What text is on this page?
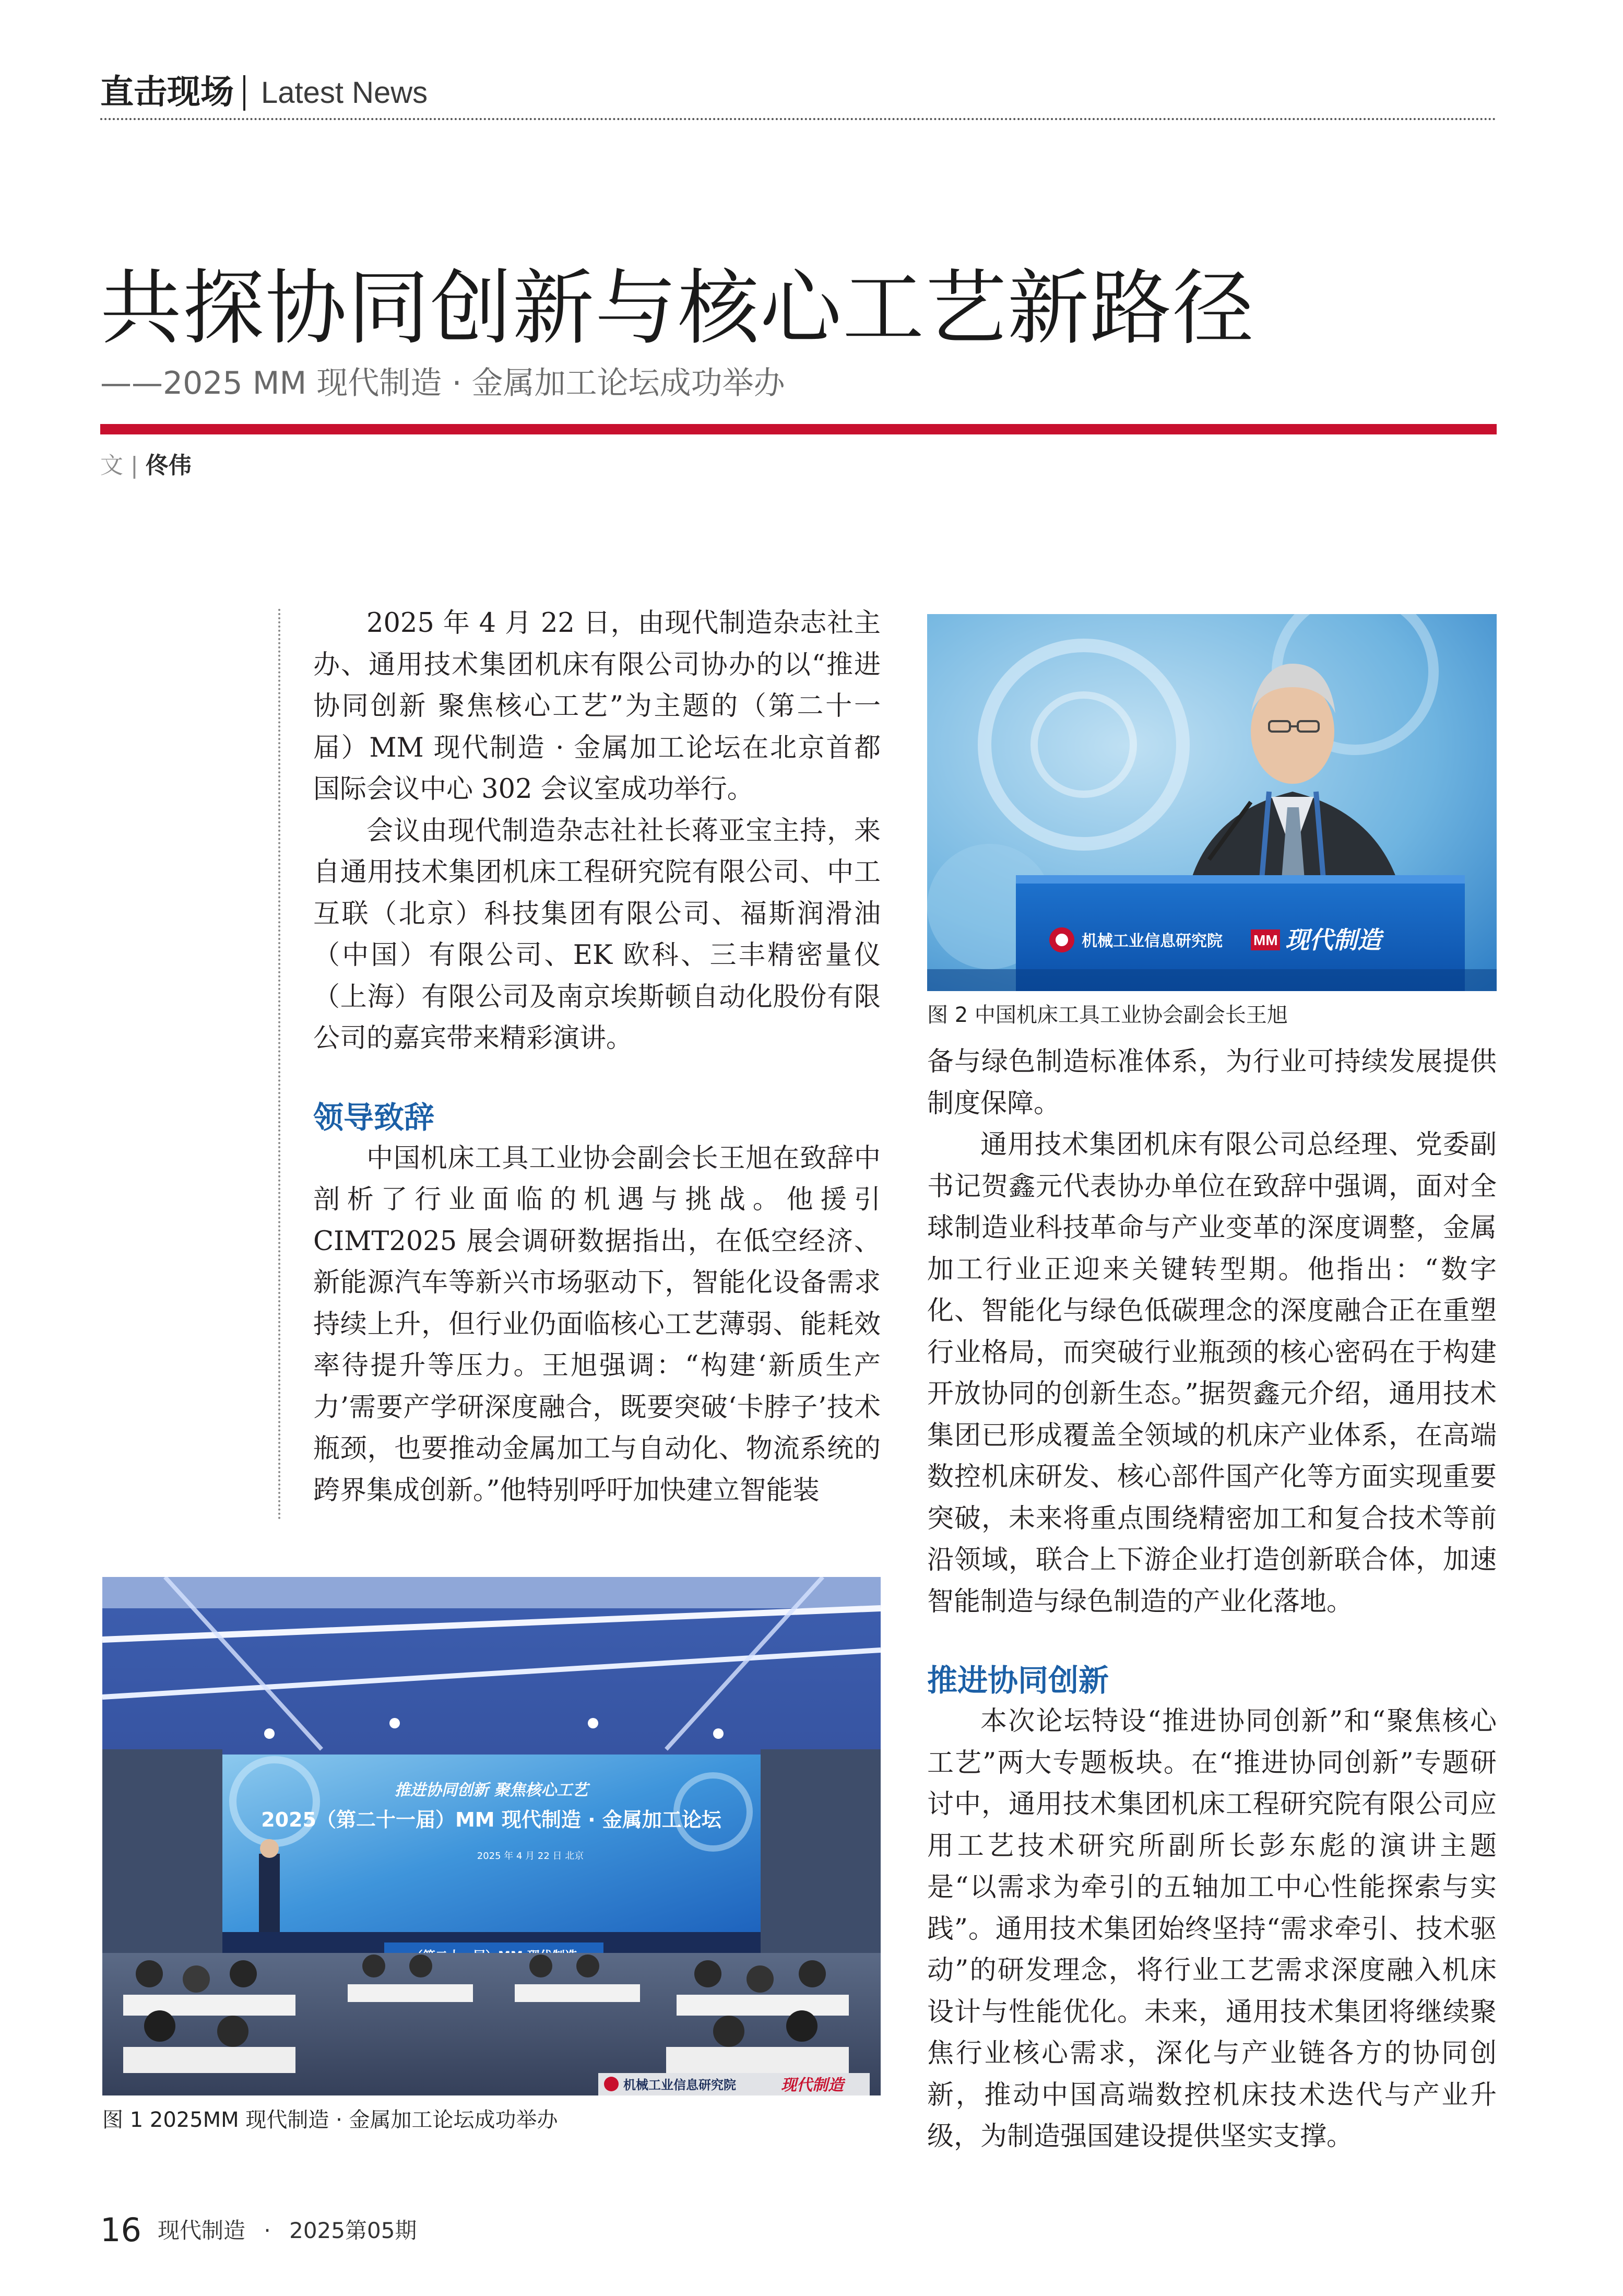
直击现场 Latest News
共探协同创新与核心工艺新路径
——2025 MM 现代制造 · 金属加工论坛成功举办
文 | 佟伟

2025 年 4 月 22 日，由现代制造杂志社主办、通用技术集团机床有限公司协办的以“推进协同创新 聚焦核心工艺”为主题的（第二十一届）MM 现代制造 · 金属加工论坛在北京首都国际会议中心 302 会议室成功举行。

会议由现代制造杂志社社长蒋亚宝主持，来自通用技术集团机床工程研究院有限公司、中工互联（北京）科技集团有限公司、福斯润滑油（中国）有限公司、EK 欧科、三丰精密量仪（上海）有限公司及南京埃斯顿自动化股份有限公司的嘉宾带来精彩演讲。

领导致辞

中国机床工具工业协会副会长王旭在致辞中剖析了行业面临的机遇与挑战。他援引 CIMT2025 展会调研数据指出，在低空经济、新能源汽车等新兴市场驱动下，智能化设备需求持续上升，但行业仍面临核心工艺薄弱、能耗效率待提升等压力。王旭强调：“构建‘新质生产力’需要产学研深度融合，既要突破‘卡脖子’技术瓶颈，也要推动金属加工与自动化、物流系统的跨界集成创新。”他特别呼吁加快建立智能装

机械工业信息研究院 MM 现代制造
图 2 中国机床工具工业协会副会长王旭

备与绿色制造标准体系，为行业可持续发展提供制度保障。

通用技术集团机床有限公司总经理、党委副书记贺鑫元代表协办单位在致辞中强调，面对全球制造业科技革命与产业变革的深度调整，金属加工行业正迎来关键转型期。他指出：“数字化、智能化与绿色低碳理念的深度融合正在重塑行业格局，而突破行业瓶颈的核心密码在于构建开放协同的创新生态。”据贺鑫元介绍，通用技术集团已形成覆盖全领域的机床产业体系，在高端数控机床研发、核心部件国产化等方面实现重要突破，未来将重点围绕精密加工和复合技术等前沿领域，联合上下游企业打造创新联合体，加速智能制造与绿色制造的产业化落地。

推进协同创新

本次论坛特设“推进协同创新”和“聚焦核心工艺”两大专题板块。在“推进协同创新”专题研讨中，通用技术集团机床工程研究院有限公司应用工艺技术研究所副所长彭东彪的演讲主题是“以需求为牵引的五轴加工中心性能探索与实践”。通用技术集团始终坚持“需求牵引、技术驱动”的研发理念，将行业工艺需求深度融入机床设计与性能优化。未来，通用技术集团将继续聚焦行业核心需求，深化与产业链各方的协同创新，推动中国高端数控机床技术迭代与产业升级，为制造强国建设提供坚实支撑。

推进协同创新 聚焦核心工艺
2025（第二十一届）MM 现代制造 · 金属加工论坛
2025 年 4 月 22 日 北京
机械工业信息研究院	现代制造
图 1 2025MM 现代制造 · 金属加工论坛成功举办
16 现代制造 · 2025第05期
